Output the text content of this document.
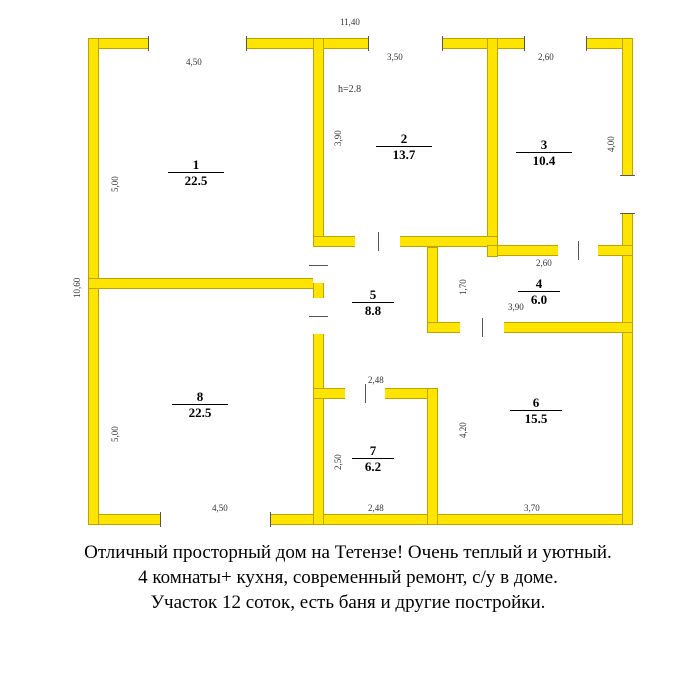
1
22.5
2
13.7
3
10.4
4
6.0
5
8.8
6
15.5
7
6.2
8
22.5
h=2.8
11,40
4,50	3,50	2,60
2,60
3,90
2,48
2,48	3,70
4,50
10,60
5,00
5,00
3,90	4,00
1,70
2,50
4,20
Отличный просторный дом на Тетензе! Очень теплый и уютный.
4 комнаты+ кухня, современный ремонт, с/у в доме.
Участок 12 соток, есть баня и другие постройки.
